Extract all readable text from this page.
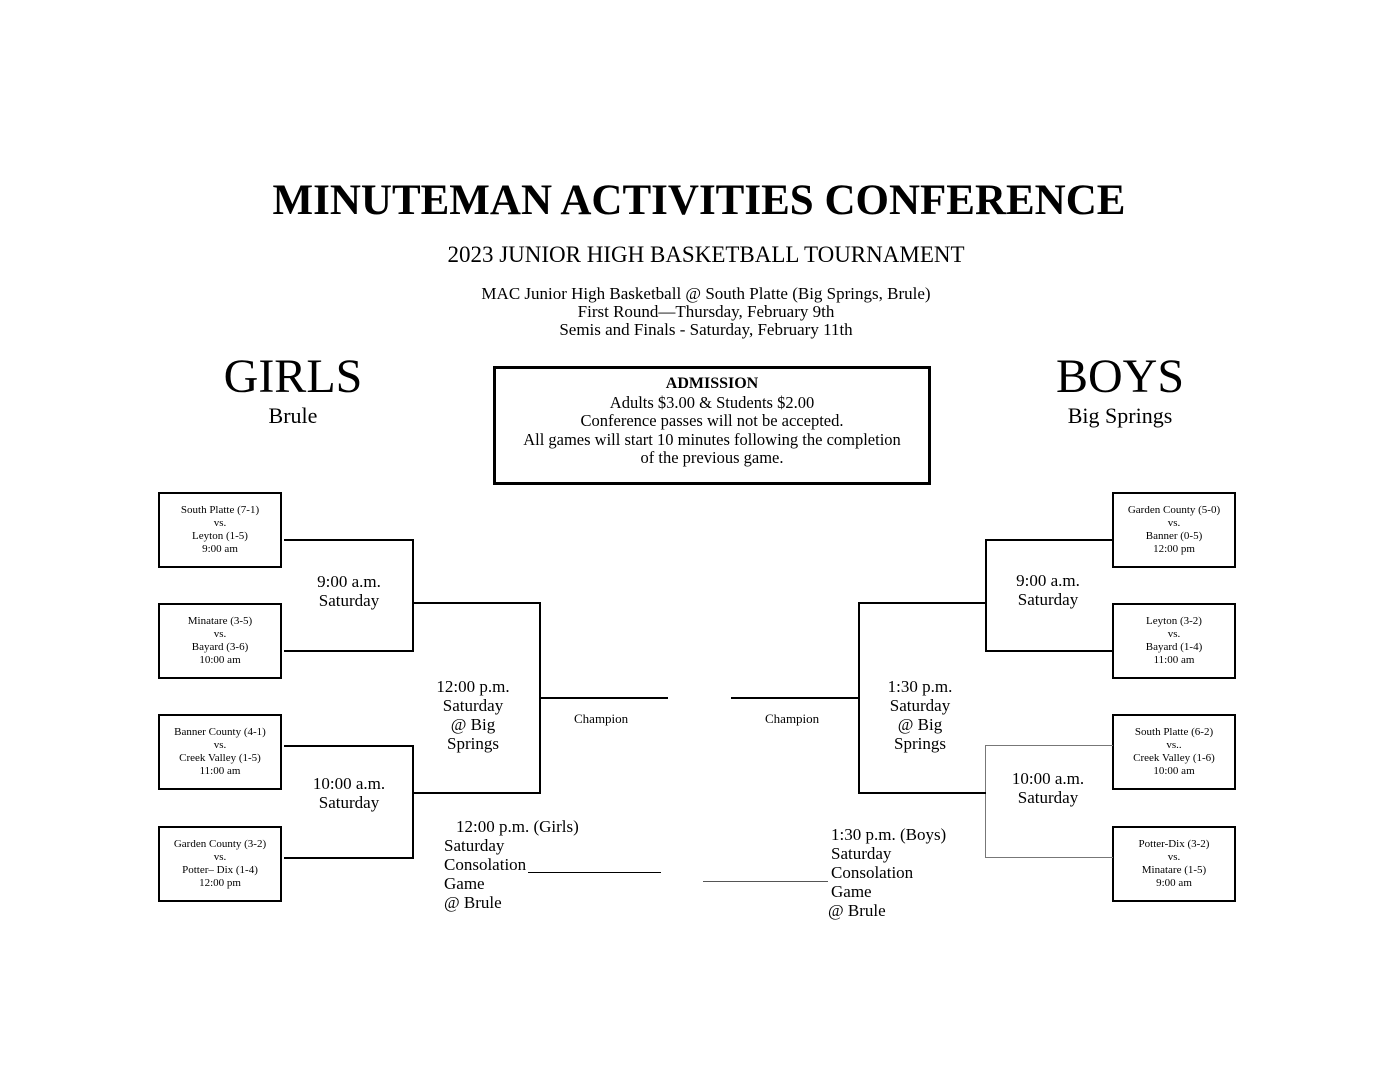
MINUTEMAN ACTIVITIES CONFERENCE
2023 JUNIOR HIGH BASKETBALL TOURNAMENT
MAC Junior High Basketball @ South Platte (Big Springs, Brule)
First Round—Thursday, February 9th
Semis and Finals - Saturday, February 11th
GIRLS
Brule
BOYS
Big Springs
ADMISSION
Adults $3.00 & Students $2.00
Conference passes will not be accepted.
All games will start 10 minutes following the completion
of the previous game.
South Platte (7-1)
vs.
Leyton (1-5)
9:00 am
Minatare (3-5)
vs.
Bayard (3-6)
10:00 am
Banner County (4-1)
vs.
Creek Valley (1-5)
11:00 am
Garden County (3-2)
vs.
Potter– Dix (1-4)
12:00 pm
9:00 a.m.
Saturday
10:00 a.m.
Saturday
12:00 p.m.
Saturday
@ Big
Springs
Champion
12:00 p.m. (Girls)
Saturday
Consolation
Game
@ Brule
Garden County (5-0)
vs.
Banner (0-5)
12:00 pm
Leyton (3-2)
vs.
Bayard (1-4)
11:00 am
South Platte (6-2)
vs..
Creek Valley (1-6)
10:00 am
Potter-Dix (3-2)
vs.
Minatare (1-5)
9:00 am
9:00 a.m.
Saturday
10:00 a.m.
Saturday
1:30 p.m.
Saturday
@ Big
Springs
Champion
1:30 p.m. (Boys)
Saturday
Consolation
Game
@ Brule
